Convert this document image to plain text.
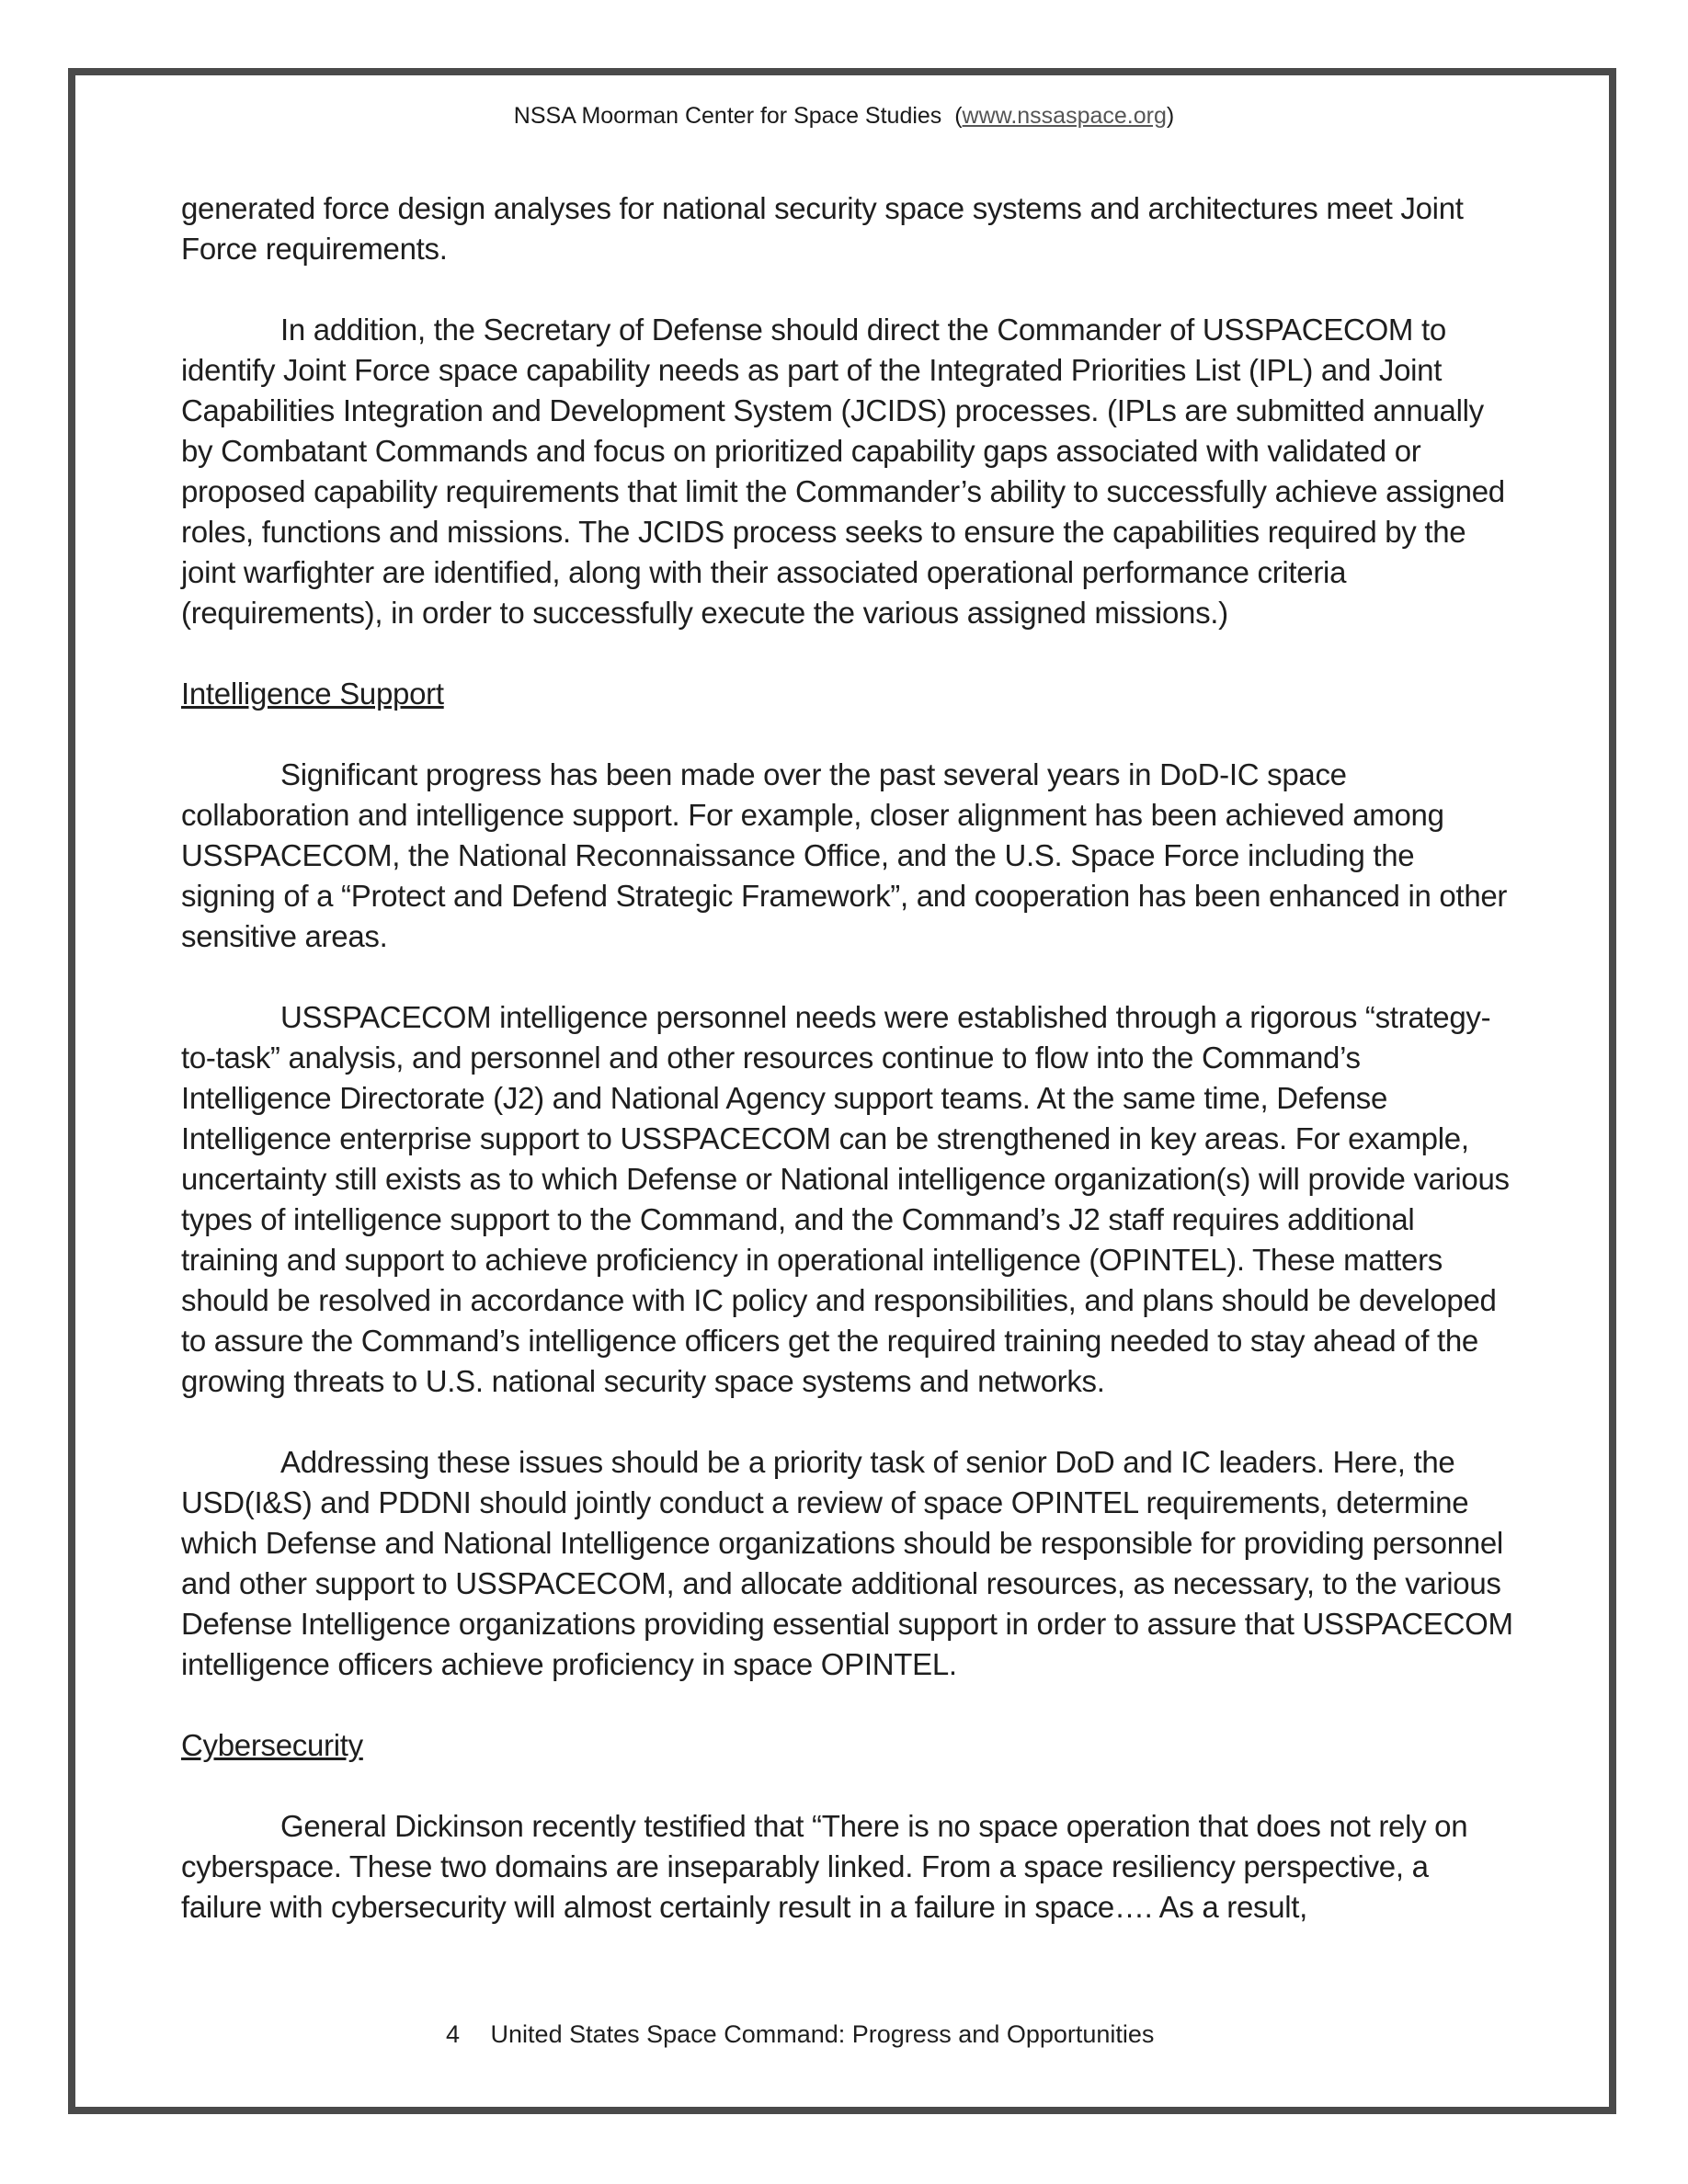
NSSA Moorman Center for Space Studies (www.nssaspace.org)

generated force design analyses for national security space systems and architectures meet Joint Force requirements.

In addition, the Secretary of Defense should direct the Commander of USSPACECOM to identify Joint Force space capability needs as part of the Integrated Priorities List (IPL) and Joint Capabilities Integration and Development System (JCIDS) processes. (IPLs are submitted annually by Combatant Commands and focus on prioritized capability gaps associated with validated or proposed capability requirements that limit the Commander’s ability to successfully achieve assigned roles, functions and missions. The JCIDS process seeks to ensure the capabilities required by the joint warfighter are identified, along with their associated operational performance criteria (requirements), in order to successfully execute the various assigned missions.)

Intelligence Support

Significant progress has been made over the past several years in DoD-IC space collaboration and intelligence support. For example, closer alignment has been achieved among USSPACECOM, the National Reconnaissance Office, and the U.S. Space Force including the signing of a “Protect and Defend Strategic Framework”, and cooperation has been enhanced in other sensitive areas.

USSPACECOM intelligence personnel needs were established through a rigorous “strategy-to-task” analysis, and personnel and other resources continue to flow into the Command’s Intelligence Directorate (J2) and National Agency support teams. At the same time, Defense Intelligence enterprise support to USSPACECOM can be strengthened in key areas. For example, uncertainty still exists as to which Defense or National intelligence organization(s) will provide various types of intelligence support to the Command, and the Command’s J2 staff requires additional training and support to achieve proficiency in operational intelligence (OPINTEL). These matters should be resolved in accordance with IC policy and responsibilities, and plans should be developed to assure the Command’s intelligence officers get the required training needed to stay ahead of the growing threats to U.S. national security space systems and networks.

Addressing these issues should be a priority task of senior DoD and IC leaders. Here, the USD(I&S) and PDDNI should jointly conduct a review of space OPINTEL requirements, determine which Defense and National Intelligence organizations should be responsible for providing personnel and other support to USSPACECOM, and allocate additional resources, as necessary, to the various Defense Intelligence organizations providing essential support in order to assure that USSPACECOM intelligence officers achieve proficiency in space OPINTEL.

Cybersecurity

General Dickinson recently testified that “There is no space operation that does not rely on cyberspace. These two domains are inseparably linked. From a space resiliency perspective, a failure with cybersecurity will almost certainly result in a failure in space…. As a result,

4 United States Space Command: Progress and Opportunities
